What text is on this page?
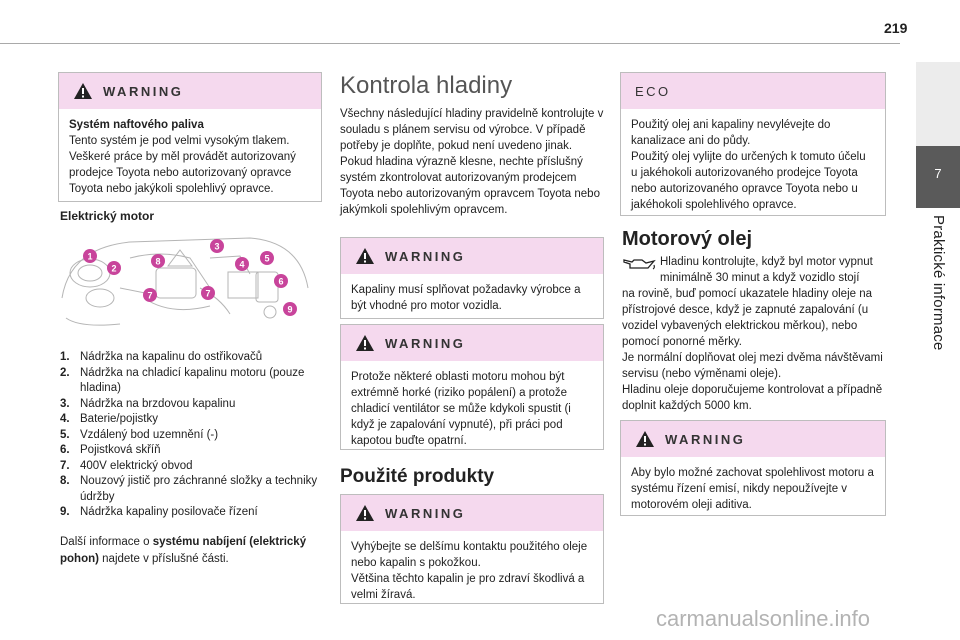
219
7
Praktické informace
WARNING
Systém naftového paliva
Tento systém je pod velmi vysokým tlakem.
Veškeré práce by měl provádět autorizovaný prodejce Toyota nebo autorizovaný opravce Toyota nebo jakýkoli spolehlivý opravce.
Elektrický motor
1
2
8
3
4
5
6
7	7
9
1. Nádržka na kapalinu do ostřikovačů
2. Nádržka na chladicí kapalinu motoru (pouze hladina)
3. Nádržka na brzdovou kapalinu
4. Baterie/pojistky
5. Vzdálený bod uzemnění (-)
6. Pojistková skříň
7. 400V elektrický obvod
8. Nouzový jistič pro záchranné složky a techniky údržby
9. Nádržka kapaliny posilovače řízení
Další informace o systému nabíjení (elektrický pohon) najdete v příslušné části.
Kontrola hladiny
Všechny následující hladiny pravidelně kontrolujte v souladu s plánem servisu od výrobce. V případě potřeby je doplňte, pokud není uvedeno jinak.
Pokud hladina výrazně klesne, nechte příslušný systém zkontrolovat autorizovaným prodejcem Toyota nebo autorizovaným opravcem Toyota nebo jakýmkoli spolehlivým opravcem.
WARNING
Kapaliny musí splňovat požadavky výrobce a být vhodné pro motor vozidla.
WARNING
Protože některé oblasti motoru mohou být extrémně horké (riziko popálení) a protože chladicí ventilátor se může kdykoli spustit (i když je zapalování vypnuté), při práci pod kapotou buďte opatrní.
Použité produkty
WARNING
Vyhýbejte se delšímu kontaktu použitého oleje nebo kapalin s pokožkou.
Většina těchto kapalin je pro zdraví škodlivá a velmi žíravá.
ECO
Použitý olej ani kapaliny nevylévejte do kanalizace ani do půdy.
Použitý olej vylijte do určených k tomuto účelu u jakéhokoli autorizovaného prodejce Toyota nebo autorizovaného opravce Toyota nebo u jakéhokoli spolehlivého opravce.
Motorový olej
Hladinu kontrolujte, když byl motor vypnut minimálně 30 minut a když vozidlo stojí
na rovině, buď pomocí ukazatele hladiny oleje na přístrojové desce, když je zapnuté zapalování (u vozidel vybavených elektrickou měrkou), nebo pomocí ponorné měrky.
Je normální doplňovat olej mezi dvěma návštěvami servisu (nebo výměnami oleje).
Hladinu oleje doporučujeme kontrolovat a případně doplnit každých 5000 km.
WARNING
Aby bylo možné zachovat spolehlivost motoru a systému řízení emisí, nikdy nepoužívejte v motorovém oleji aditiva.
carmanualsonline.info
